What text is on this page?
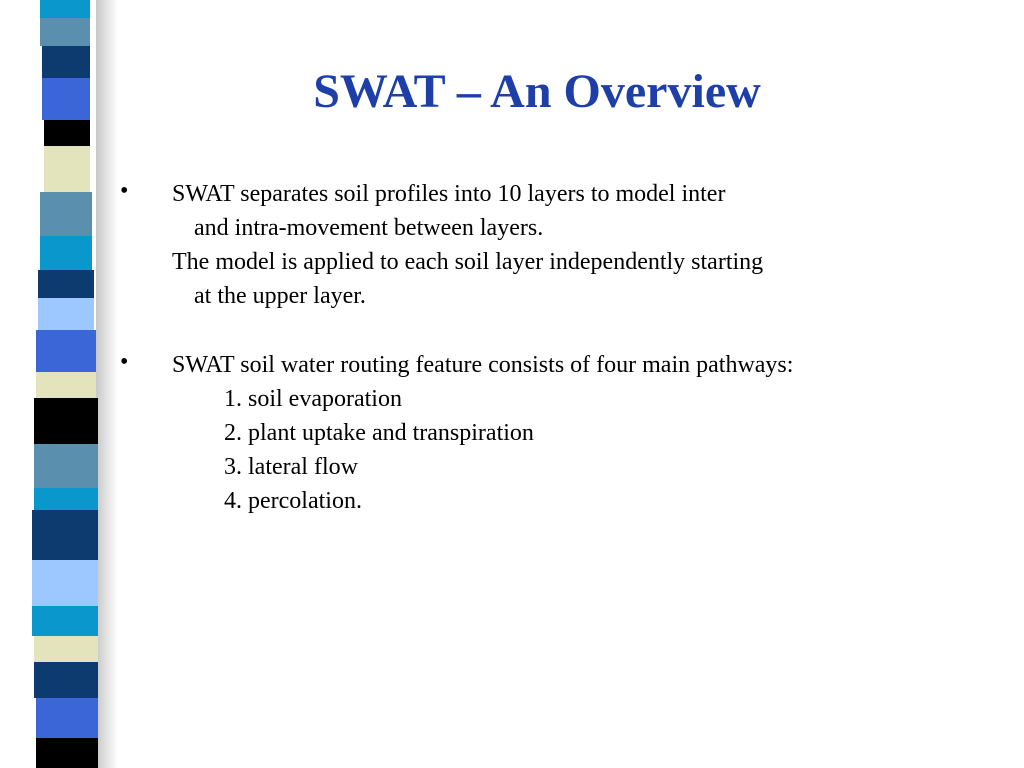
SWAT – An Overview
•	SWAT separates soil profiles into 10 layers to model inter
and intra-movement between layers.
The model is applied to each soil layer independently starting
at the upper layer.
•	SWAT soil water routing feature consists of four main pathways:
1. soil evaporation
2. plant uptake and transpiration
3. lateral flow
4. percolation.
